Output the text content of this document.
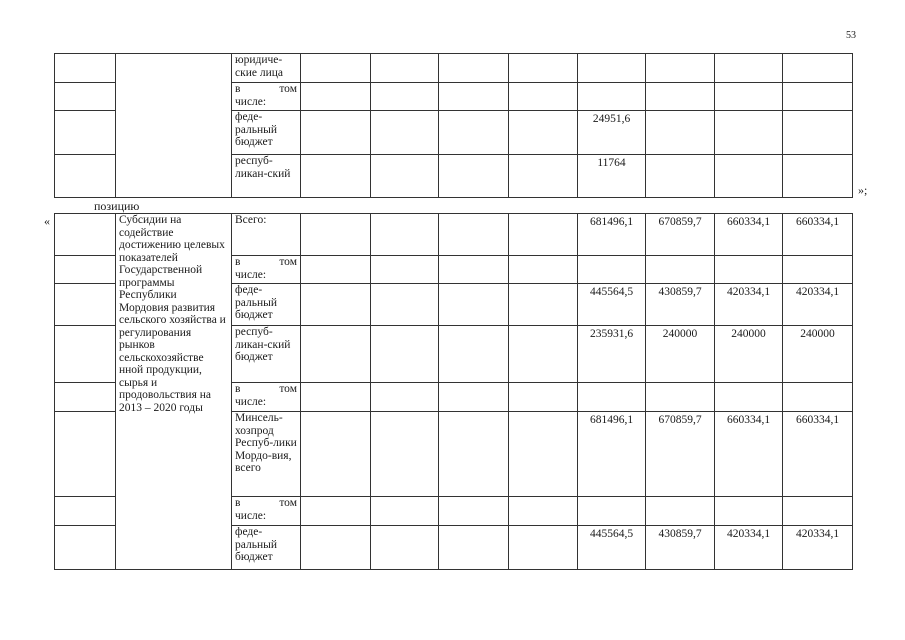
53
		юридиче-ские лица								

		в том
числе:								

		феде-ральный бюджет					24951,6			
		респуб-ликан-ский					11764			
»;
позицию
«
		Субсидии на содействие достижению целевых показателей Государственной программы Республики Мордовия развития сельского хозяйства и регулирования рынков сельскохозяйстве нной продукции, сырья и продовольствия на 2013 – 2020 годы	Всего:					681496,1	670859,7	660334,1	660334,1

		в том
числе:								

		феде-ральный бюджет					445564,5	430859,7	420334,1	420334,1
		респуб-ликан-ский бюджет					235931,6	240000	240000	240000

		в том
числе:								

		Минсель-хозпрод Респуб-лики Мордо-вия, всего					681496,1	670859,7	660334,1	660334,1

		в том
числе:								

		феде-ральный бюджет					445564,5	430859,7	420334,1	420334,1
